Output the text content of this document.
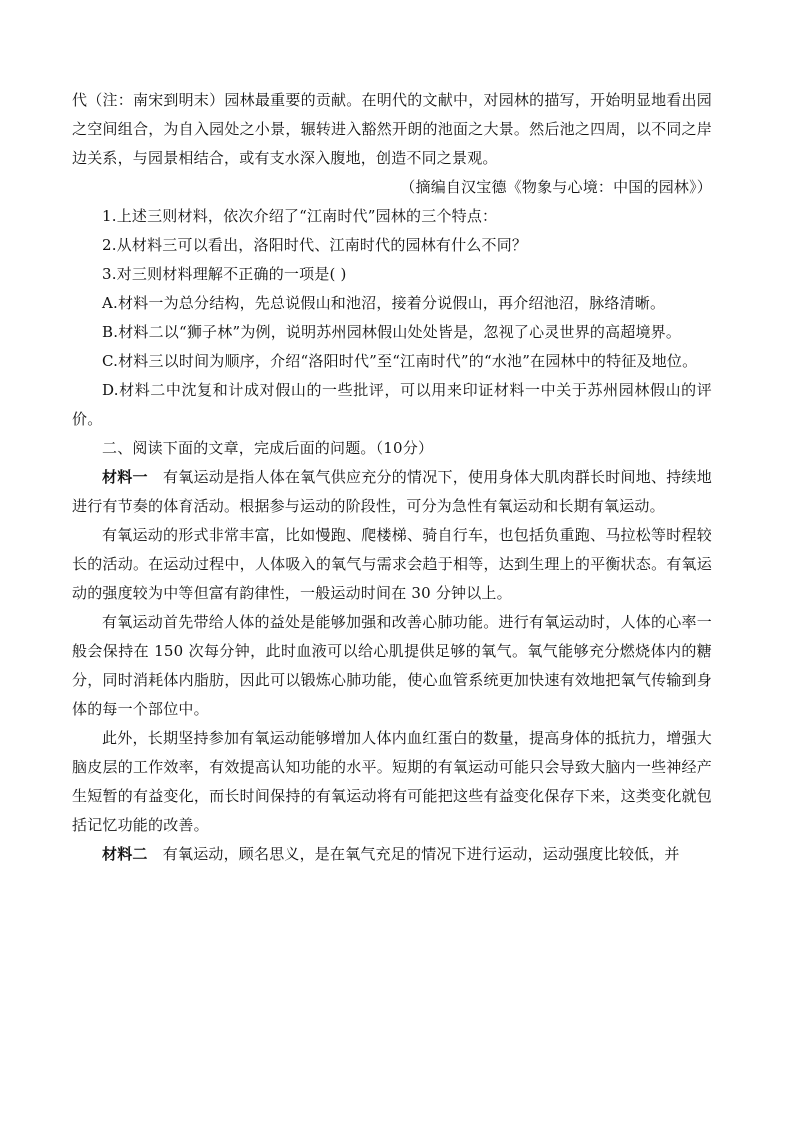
代（注：南宋到明末）园林最重要的贡献。在明代的文献中，对园林的描写，开始明显地看出园之空间组合，为自入园处之小景，辗转进入豁然开朗的池面之大景。然后池之四周，以不同之岸边关系，与园景相结合，或有支水深入腹地，创造不同之景观。

（摘编自汉宝德《物象与心境：中国的园林》）

1.上述三则材料，依次介绍了“江南时代”园林的三个特点：

2.从材料三可以看出，洛阳时代、江南时代的园林有什么不同？

3.对三则材料理解不正确的一项是( )

A.材料一为总分结构，先总说假山和池沼，接着分说假山，再介绍池沼，脉络清晰。

B.材料二以“狮子林”为例，说明苏州园林假山处处皆是，忽视了心灵世界的高超境界。

C.材料三以时间为顺序，介绍“洛阳时代”至“江南时代”的“水池”在园林中的特征及地位。

D.材料二中沈复和计成对假山的一些批评，可以用来印证材料一中关于苏州园林假山的评价。

二、阅读下面的文章，完成后面的问题。（10分）

材料一　有氧运动是指人体在氧气供应充分的情况下，使用身体大肌肉群长时间地、持续地进行有节奏的体育活动。根据参与运动的阶段性，可分为急性有氧运动和长期有氧运动。

有氧运动的形式非常丰富，比如慢跑、爬楼梯、骑自行车，也包括负重跑、马拉松等时程较长的活动。在运动过程中，人体吸入的氧气与需求会趋于相等，达到生理上的平衡状态。有氧运动的强度较为中等但富有韵律性，一般运动时间在 30 分钟以上。

有氧运动首先带给人体的益处是能够加强和改善心肺功能。进行有氧运动时，人体的心率一般会保持在 150 次每分钟，此时血液可以给心肌提供足够的氧气。氧气能够充分燃烧体内的糖分，同时消耗体内脂肪，因此可以锻炼心肺功能，使心血管系统更加快速有效地把氧气传输到身体的每一个部位中。

此外，长期坚持参加有氧运动能够增加人体内血红蛋白的数量，提高身体的抵抗力，增强大脑皮层的工作效率，有效提高认知功能的水平。短期的有氧运动可能只会导致大脑内一些神经产生短暂的有益变化，而长时间保持的有氧运动将有可能把这些有益变化保存下来，这类变化就包括记忆功能的改善。

材料二　有氧运动，顾名思义，是在氧气充足的情况下进行运动，运动强度比较低，并
